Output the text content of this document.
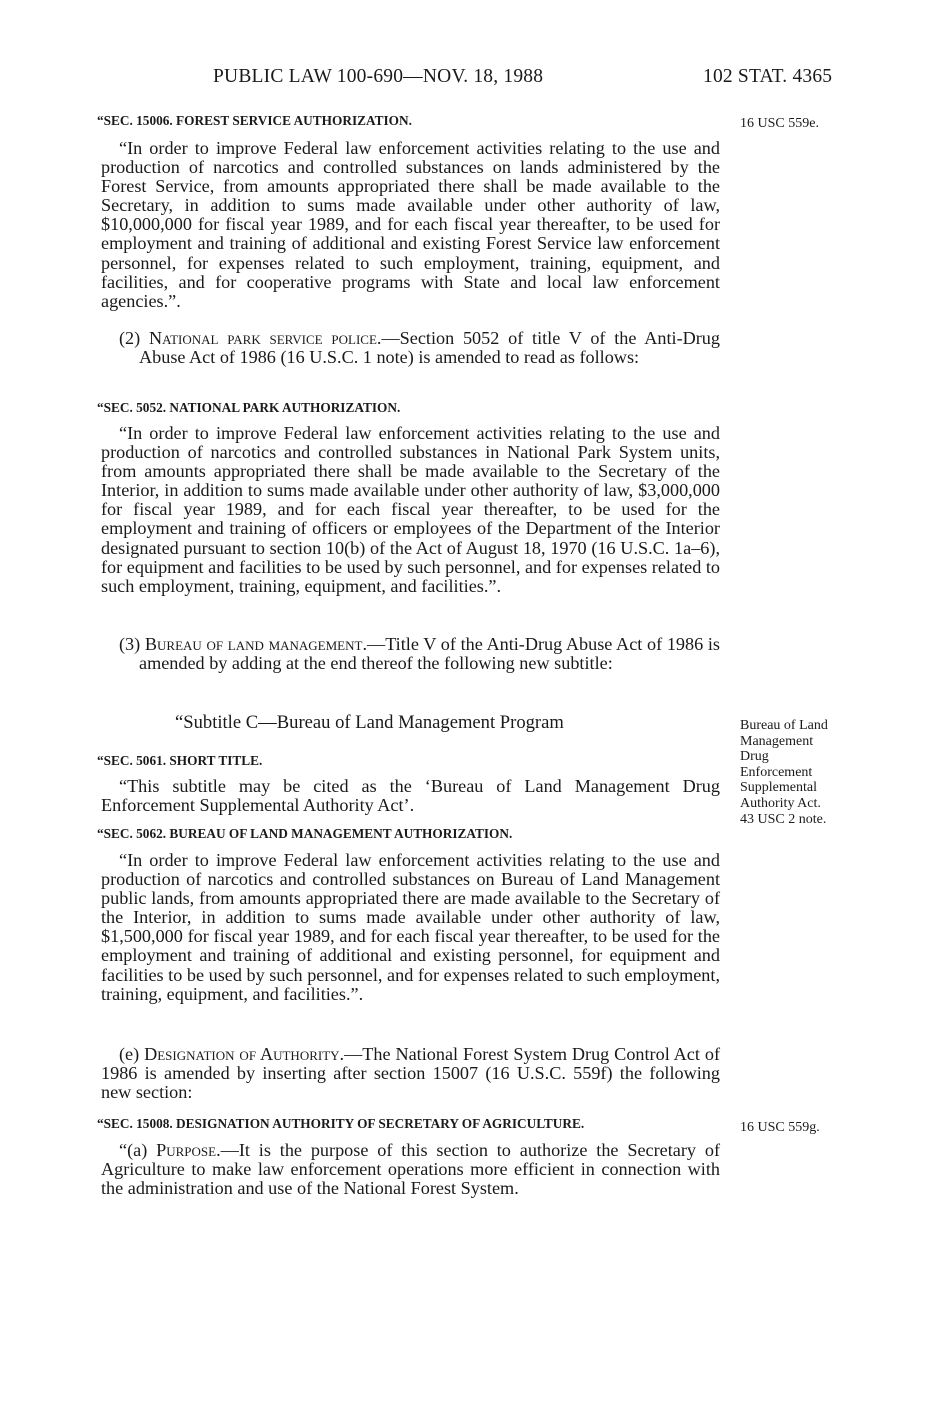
PUBLIC LAW 100-690—NOV. 18, 1988	102 STAT. 4365
“SEC. 15006. FOREST SERVICE AUTHORIZATION.

“In order to improve Federal law enforcement activities relating to the use and production of narcotics and controlled substances on lands administered by the Forest Service, from amounts appropriated there shall be made available to the Secretary, in addition to sums made available under other authority of law, $10,000,000 for fiscal year 1989, and for each fiscal year thereafter, to be used for employment and training of additional and existing Forest Service law enforcement personnel, for expenses related to such employment, training, equipment, and facilities, and for cooperative programs with State and local law enforcement agencies.”.

(2) National park service police.—Section 5052 of title V of the Anti-Drug Abuse Act of 1986 (16 U.S.C. 1 note) is amended to read as follows:

“SEC. 5052. NATIONAL PARK AUTHORIZATION.

“In order to improve Federal law enforcement activities relating to the use and production of narcotics and controlled substances in National Park System units, from amounts appropriated there shall be made available to the Secretary of the Interior, in addition to sums made available under other authority of law, $3,000,000 for fiscal year 1989, and for each fiscal year thereafter, to be used for the employment and training of officers or employees of the Department of the Interior designated pursuant to section 10(b) of the Act of August 18, 1970 (16 U.S.C. 1a–6), for equipment and facilities to be used by such personnel, and for expenses related to such employment, training, equipment, and facilities.”.

(3) Bureau of land management.—Title V of the Anti-Drug Abuse Act of 1986 is amended by adding at the end thereof the following new subtitle:

“Subtitle C—Bureau of Land Management Program
“SEC. 5061. SHORT TITLE.

“This subtitle may be cited as the ‘Bureau of Land Management Drug Enforcement Supplemental Authority Act’.

“SEC. 5062. BUREAU OF LAND MANAGEMENT AUTHORIZATION.

“In order to improve Federal law enforcement activities relating to the use and production of narcotics and controlled substances on Bureau of Land Management public lands, from amounts appropriated there are made available to the Secretary of the Interior, in addition to sums made available under other authority of law, $1,500,000 for fiscal year 1989, and for each fiscal year thereafter, to be used for the employment and training of additional and existing personnel, for equipment and facilities to be used by such personnel, and for expenses related to such employment, training, equipment, and facilities.”.

(e) Designation of Authority.—The National Forest System Drug Control Act of 1986 is amended by inserting after section 15007 (16 U.S.C. 559f) the following new section:

“SEC. 15008. DESIGNATION AUTHORITY OF SECRETARY OF AGRICULTURE.

“(a) Purpose.—It is the purpose of this section to authorize the Secretary of Agriculture to make law enforcement operations more efficient in connection with the administration and use of the National Forest System.

16 USC 559e.
Bureau of Land
Management
Drug
Enforcement
Supplemental
Authority Act.
43 USC 2 note.
16 USC 559g.
